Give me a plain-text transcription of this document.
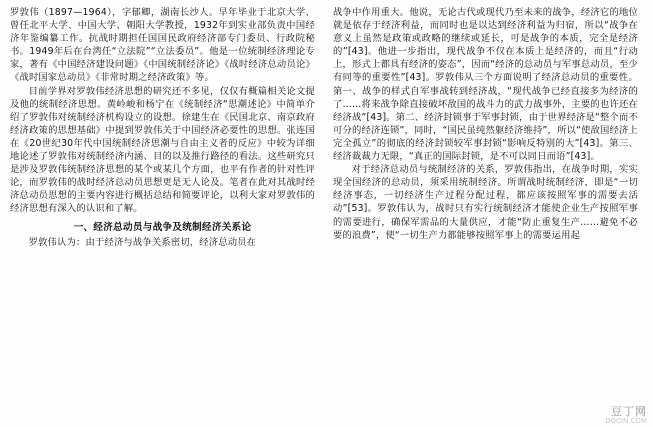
罗敦伟（1897—1964），字郁卿，湖南长沙人。早年毕业于北京大学、曾任北平大学、中国大学、朝阳大学教授，1932年到实业部负责中国经济年鉴编纂工作。抗战时期担任国国民政府经济部专门委员、行政院秘书。1949年后在台湾任“立法院”“立法委员”。他是一位统制经济理论专家，著有《中国经济建设问题》《中国统制经济论》《战时经济总动员论》《战时国家总动员》《非常时期之经济政策》等。

目前学界对罗敦伟经济思想的研究还不多见，仅仅有概篇相关论文提及他的统制经济思想。黄岭峻和杨宁在《统制经济“思潮述论》中简单介绍了罗敦伟对统制经济机构设立的设想。徐建生在《民国北京、南京政府经济政策的思想基础》中提到罗敦伟关于中国经济必要性的思想。张连国在《20世纪30年代中国统制经济思潮与自由主义者的反应》中较为详细地论述了罗敦伟对统制经济内涵、目的以及推行路径的看法。这些研究只是涉及罗敦伟统制经济思想的某个或某几个方面，也平有作者的针对性评论，而罗敦伟的战时经济总动员思想更是无人论及。笔者在此对其战时经济总动员思想的主要内容进行概括总结和简要评论，以利大家对罗敦伟的经济思想有深入的认识和了解。

一、经济总动员与战争及统制经济关系论

罗敦伟认为：由于经济与战争关系密切，经济总动员在

战争中作用重大。他说，无论古代或现代乃至未来的战争，经济它的地位就是依存于经济利益，而同时也是以达到经济利益为归宿，所以“战争在意义上虽然是政策或政略的继续或延长，可是战争的本质，完全是经济的”[43]。他进一步指出，现代战争不仅在本质上是经济的，而且“行动上，形式上都具有经济的姿态”，因而“经济的总动员与军事总动员，至少有同等的重要性”[43]。罗敦伟从三个方面说明了经济总动员的重要性。第一、战争的样式自军事战转到经济战，“现代战争已经直接多为经济的了……将来战争除直接破坏敌国的战斗力的武力战事外，主要的也许还在经济战”[43]。第二、经济封锁事于军事封锁，由于世界经济是“整个而不可分的经济连锁”，同时，“国民虽纯然躯经济维持”，所以“使敌国经济上完全孤立”的彻底的经济封锁较军事封锁“影响反特别的大”[43]。第三、经济裁裁力无限，“真正的国际封锁，是不可以同日而语”[43]。

对于经济总动员与统制经济的关系，罗敦伟指出，在战争时期，实实现全国经济的总动员，须采用统制经济。所谓战时统制经济，即是“一切经济事态，一切经济生产过程分配过程，都应该按照军事的需要去活动”[53]。罗敦伟认为，战时只有实行统制经济才能使企业生产按照军事的需要进行，确保军需品的大量供应，才能“防止重复生产……避免不必要的浪费”，使“一切生产力都能够按照军事上的需要运用起

豆丁网
DOCIN.COM
